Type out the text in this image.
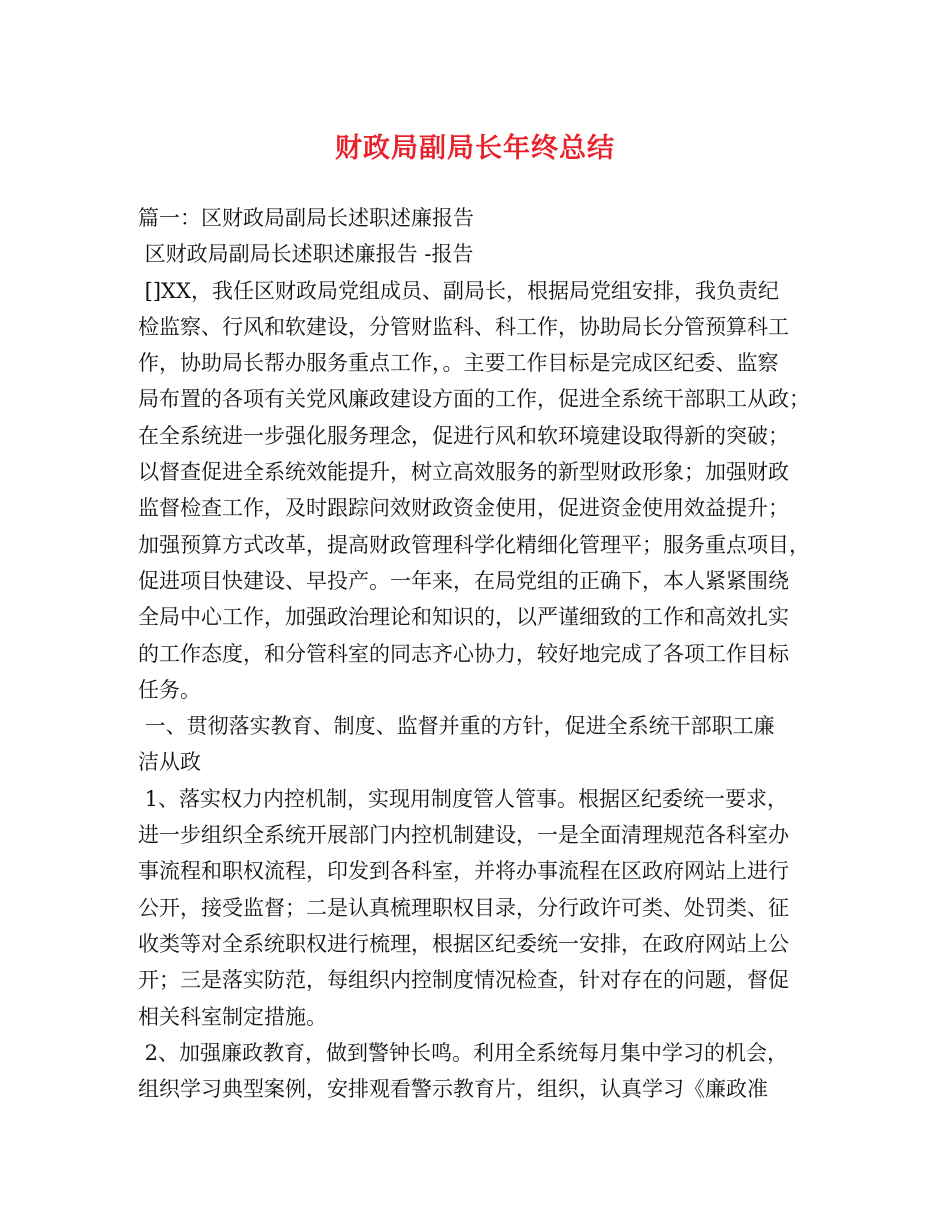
财政局副局长年终总结
篇一：区财政局副局长述职述廉报告
区财政局副局长述职述廉报告 -报告
[]XX，我任区财政局党组成员、副局长，根据局党组安排，我负责纪
检监察、行风和软建设，分管财监科、科工作，协助局长分管预算科工
作，协助局长帮办服务重点工作，。主要工作目标是完成区纪委、监察
局布置的各项有关党风廉政建设方面的工作，促进全系统干部职工从政；
在全系统进一步强化服务理念，促进行风和软环境建设取得新的突破；
以督查促进全系统效能提升，树立高效服务的新型财政形象；加强财政
监督检查工作，及时跟踪问效财政资金使用，促进资金使用效益提升；
加强预算方式改革，提高财政管理科学化精细化管理平；服务重点项目，
促进项目快建设、早投产。一年来，在局党组的正确下，本人紧紧围绕
全局中心工作，加强政治理论和知识的，以严谨细致的工作和高效扎实
的工作态度，和分管科室的同志齐心协力，较好地完成了各项工作目标
任务。
一、贯彻落实教育、制度、监督并重的方针，促进全系统干部职工廉
洁从政
1、落实权力内控机制，实现用制度管人管事。根据区纪委统一要求，
进一步组织全系统开展部门内控机制建设，一是全面清理规范各科室办
事流程和职权流程，印发到各科室，并将办事流程在区政府网站上进行
公开，接受监督；二是认真梳理职权目录，分行政许可类、处罚类、征
收类等对全系统职权进行梳理，根据区纪委统一安排，在政府网站上公
开；三是落实防范，每组织内控制度情况检查，针对存在的问题，督促
相关科室制定措施。
2、加强廉政教育，做到警钟长鸣。利用全系统每月集中学习的机会，
组织学习典型案例，安排观看警示教育片，组织，认真学习《廉政准
